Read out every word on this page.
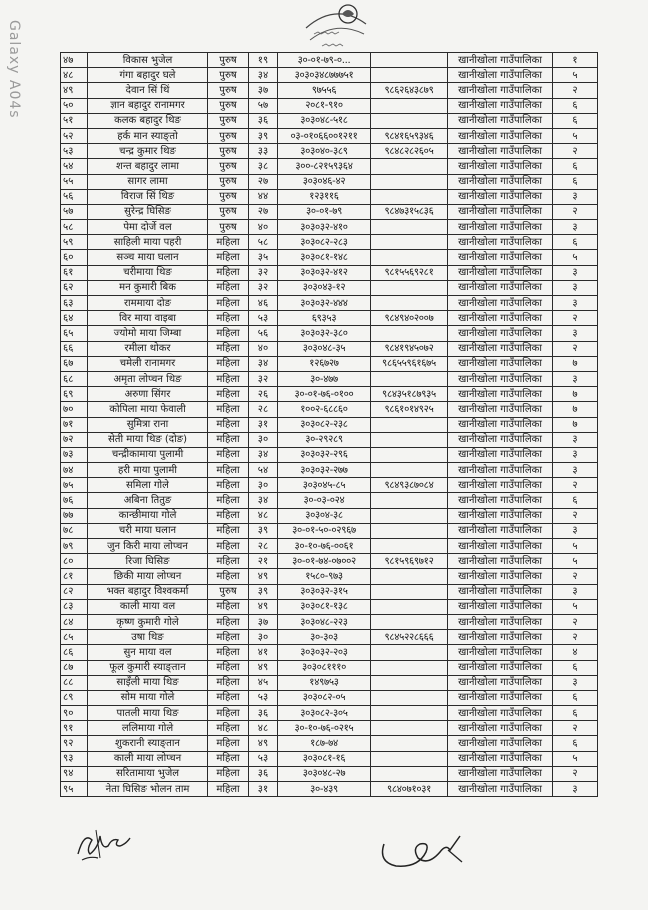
Galaxy A04s	४७	विकास भुजेल	पुरुष	१९	३०-०१-७९-०...		खानीखोला गाउँपालिका	१
४८	गंगा बहादुर घले	पुरुष	३४	३०३०३४८७७७५१		खानीखोला गाउँपालिका	५
४९	देवान सिं थिं	पुरुष	३७	९७५५६	९८६२६४३८७९	खानीखोला गाउँपालिका	२
५०	ज्ञान बहादुर रानामगर	पुरुष	५७	२०८१-९१०		खानीखोला गाउँपालिका	६
५१	कलक बहादुर थिङ	पुरुष	३६	३०३०४८-५१८		खानीखोला गाउँपालिका	६
५२	हर्क मान स्याङ्तो	पुरुष	३९	०३-०१०६६००१२११	९८४१६५९३४६	खानीखोला गाउँपालिका	५
५३	चन्द्र कुमार थिङ	पुरुष	३३	३०३०४०-३८९	९८४८२८२६०५	खानीखोला गाउँपालिका	२
५४	शन्त बहादुर लामा	पुरुष	३८	३००-८२१५९३६४		खानीखोला गाउँपालिका	६
५५	सागर लामा	पुरुष	२७	३०३०४६-४२		खानीखोला गाउँपालिका	६
५६	विराज सिं थिङ	पुरुष	४४	१२३११६		खानीखोला गाउँपालिका	३
५७	सुरेन्द्र घिसिङ	पुरुष	२७	३०-०१-७९	९८४७३१५८३६	खानीखोला गाउँपालिका	२
५८	पेमा दोर्जे वल	पुरुष	४०	३०३०३२-४१०		खानीखोला गाउँपालिका	३
५९	साहिली माया पहरी	महिला	५८	३०३०८२-२८३		खानीखोला गाउँपालिका	६
६०	सञ्च माया घलान	महिला	३५	३०३०८१-१४८		खानीखोला गाउँपालिका	५
६१	चरीमाया थिङ	महिला	३२	३०३०३२-४१२	९८१५५६९२८१	खानीखोला गाउँपालिका	३
६२	मन कुमारी बिक	महिला	३२	३०३०४३-१२		खानीखोला गाउँपालिका	३
६३	राममाया दोङ	महिला	४६	३०३०३२-४४४		खानीखोला गाउँपालिका	३
६४	विर माया वाइबा	महिला	५३	६९३५३	९८४९४०२००७	खानीखोला गाउँपालिका	२
६५	ज्योमो माया जिम्बा	महिला	५६	३०३०३२-३८०		खानीखोला गाउँपालिका	३
६६	रमीला थोकर	महिला	४०	३०३०४८-३५	९८४१९४५०७२	खानीखोला गाउँपालिका	२
६७	चमेली रानामगर	महिला	३४	१२६७२७	९८६५५९६१६७५	खानीखोला गाउँपालिका	७
६८	अमृता लोप्चन थिङ	महिला	३२	३०-४७७		खानीखोला गाउँपालिका	३
६९	अरुणा सिंगर	महिला	२६	३०-०१-७६-०१००	९८४३५१८७९३५	खानीखोला गाउँपालिका	७
७०	कोपिला माया फेवाली	महिला	२८	१००२-६८८६०	९८६१०१४९२५	खानीखोला गाउँपालिका	७
७१	सुमित्रा राना	महिला	३१	३०३०८२-२३८		खानीखोला गाउँपालिका	७
७२	सेती माया थिङ (दोङ)	महिला	३०	३०-२९२८९		खानीखोला गाउँपालिका	३
७३	चन्द्रीकामाया पुलामी	महिला	३४	३०३०३२-२९६		खानीखोला गाउँपालिका	३
७४	हरी माया पुलामी	महिला	५४	३०३०३२-२७७		खानीखोला गाउँपालिका	३
७५	समिला गोले	महिला	३०	३०३०४५-८५	९८४९३८७०८४	खानीखोला गाउँपालिका	२
७६	अबिना तितुङ	महिला	३४	३०-०३-०२४		खानीखोला गाउँपालिका	६
७७	कान्छीमाया गोले	महिला	४८	३०३०४-३८		खानीखोला गाउँपालिका	२
७८	चरी माया घलान	महिला	३९	३०-०१-५०-०२९६७		खानीखोला गाउँपालिका	३
७९	जुन किरी माया लोप्चन	महिला	२८	३०-१०-७६-००६१		खानीखोला गाउँपालिका	५
८०	रिजा घिसिङ	महिला	२१	३०-०१-७४-०७००२	९८१५९६९७१२	खानीखोला गाउँपालिका	५
८१	छिकी माया लोप्चन	महिला	४९	१५८०-९७३		खानीखोला गाउँपालिका	२
८२	भक्त बहादुर विश्वकर्मा	पुरुष	३९	३०३०३२-३१५		खानीखोला गाउँपालिका	३
८३	काली माया वल	महिला	४९	३०३०८१-१३८		खानीखोला गाउँपालिका	५
८४	कृष्ण कुमारी गोले	महिला	३७	३०३०४८-२२३		खानीखोला गाउँपालिका	२
८५	उषा थिङ	महिला	३०	३०-३०३	९८४५२२८६६६	खानीखोला गाउँपालिका	२
८६	सुन माया वल	महिला	४१	३०३०३२-२०३		खानीखोला गाउँपालिका	४
८७	फूल कुमारी स्याङ्तान	महिला	४९	३०३०८१११०		खानीखोला गाउँपालिका	६
८८	साइँली माया थिङ	महिला	४५	१४९७५३		खानीखोला गाउँपालिका	३
८९	सोम माया गोले	महिला	५३	३०३०८२-०५		खानीखोला गाउँपालिका	६
९०	पातली माया थिङ	महिला	३६	३०३०८२-३०५		खानीखोला गाउँपालिका	६
९१	ललिमाया गोले	महिला	४८	३०-१०-७६-०२१५		खानीखोला गाउँपालिका	२
९२	शुकरानी स्याङ्तान	महिला	४९	१८७-७४		खानीखोला गाउँपालिका	६
९३	काली माया लोप्चन	महिला	५३	३०३०८१-१६		खानीखोला गाउँपालिका	५
९४	सरितामाया भुजेल	महिला	३६	३०३०४८-२७		खानीखोला गाउँपालिका	२
९५	नेता घिसिङ भोलन ताम	महिला	३१	३०-४३९	९८४०७१०३१	खानीखोला गाउँपालिका	३
